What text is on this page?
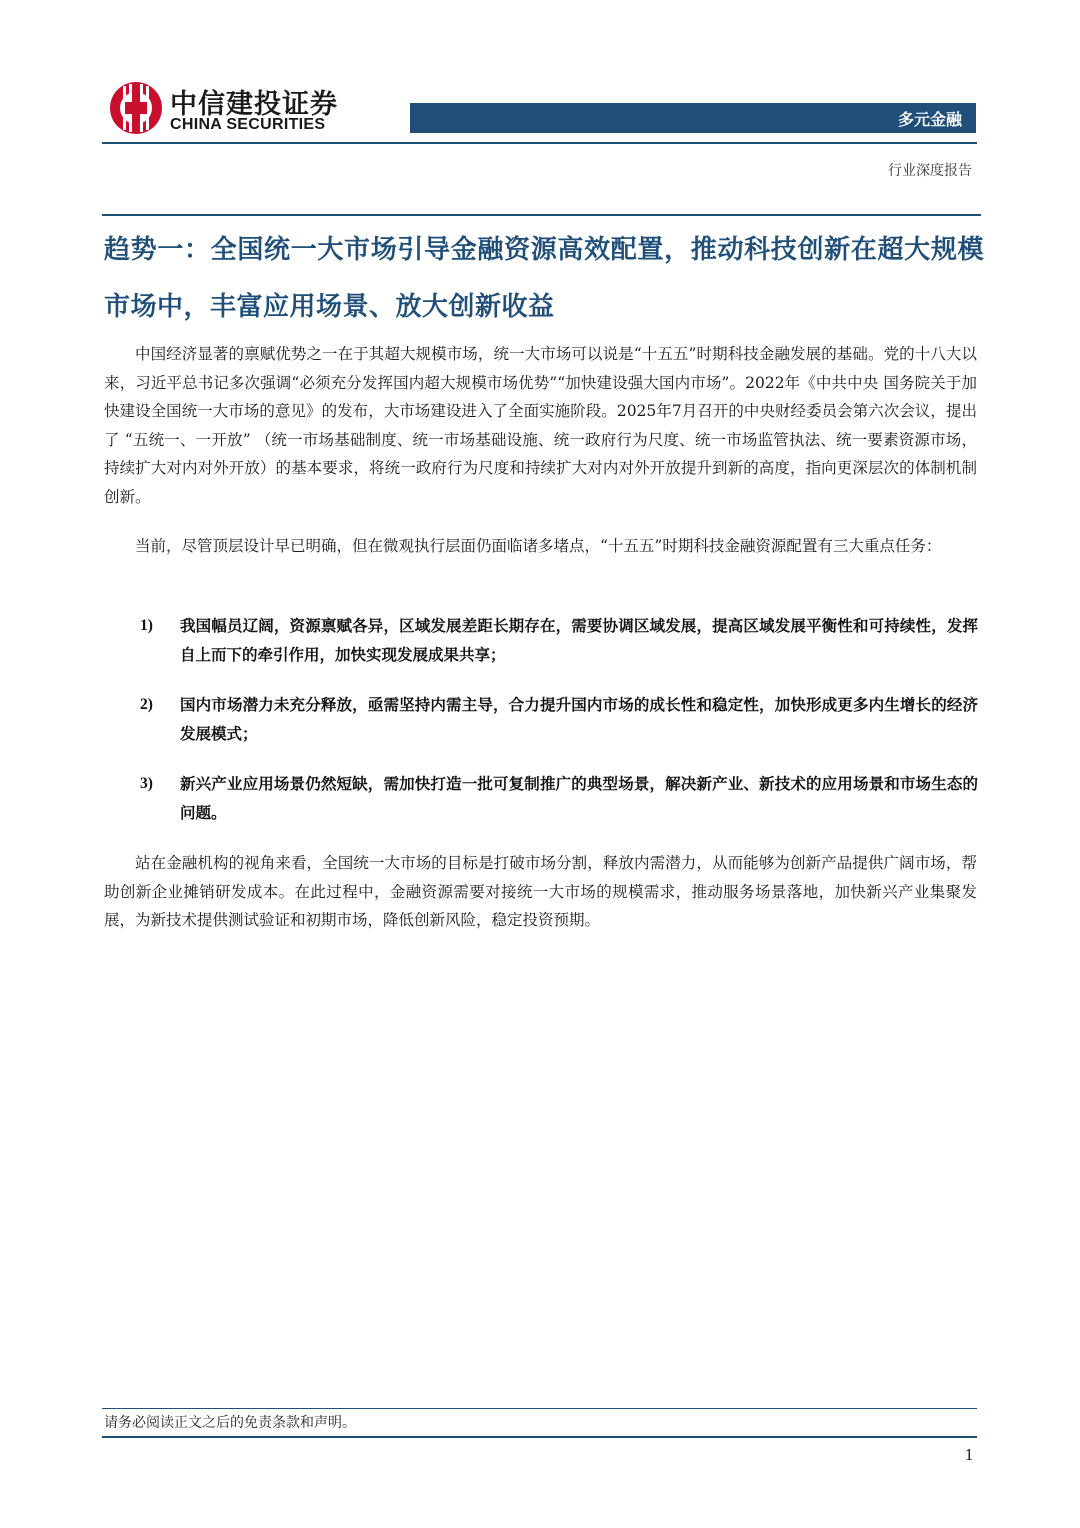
中信建投证券
CHINA SECURITIES	多元金融
行业深度报告
趋势一：全国统一大市场引导金融资源高效配置，推动科技创新在超大规模市场中，丰富应用场景、放大创新收益

中国经济显著的禀赋优势之一在于其超大规模市场，统一大市场可以说是“十五五”时期科技金融发展的基础。党的十八大以来，习近平总书记多次强调“必须充分发挥国内超大规模市场优势”“加快建设强大国内市场”。2022年《中共中央 国务院关于加快建设全国统一大市场的意见》的发布，大市场建设进入了全面实施阶段。2025年7月召开的中央财经委员会第六次会议，提出了 “五统一、一开放” （统一市场基础制度、统一市场基础设施、统一政府行为尺度、统一市场监管执法、统一要素资源市场，持续扩大对内对外开放）的基本要求，将统一政府行为尺度和持续扩大对内对外开放提升到新的高度，指向更深层次的体制机制创新。

当前，尽管顶层设计早已明确，但在微观执行层面仍面临诸多堵点，“十五五”时期科技金融资源配置有三大重点任务：

1)	我国幅员辽阔，资源禀赋各异，区域发展差距长期存在，需要协调区域发展，提高区域发展平衡性和可持续性，发挥自上而下的牵引作用，加快实现发展成果共享；
2)	国内市场潜力未充分释放，亟需坚持内需主导，合力提升国内市场的成长性和稳定性，加快形成更多内生增长的经济发展模式；
3)	新兴产业应用场景仍然短缺，需加快打造一批可复制推广的典型场景，解决新产业、新技术的应用场景和市场生态的问题。

站在金融机构的视角来看，全国统一大市场的目标是打破市场分割，释放内需潜力，从而能够为创新产品提供广阔市场，帮助创新企业摊销研发成本。在此过程中，金融资源需要对接统一大市场的规模需求，推动服务场景落地，加快新兴产业集聚发展，为新技术提供测试验证和初期市场，降低创新风险，稳定投资预期。

请务必阅读正文之后的免责条款和声明。
1
